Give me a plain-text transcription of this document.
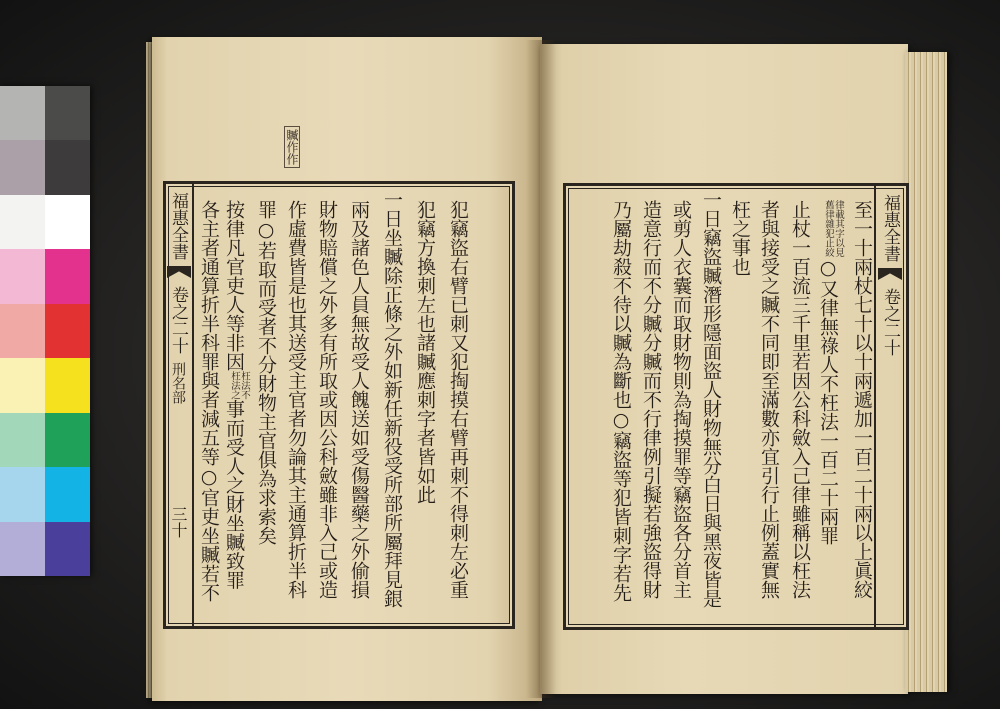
贓作作
福惠全書
卷之二十
刑名部
三十	犯竊盜右臂已刺又犯掏摸右臂再刺不得刺左必重
犯竊方換刺左也諸贓應刺字者皆如此
一日坐贓除正條之外如新任新役受所部所屬拜見銀
兩及諸色人員無故受人餽送如受傷醫藥之外偷損
財物賠償之外多有所取或因公科斂雖非入己或造
作虛費皆是也其送受主官者勿論其主通算折半科
罪○若取而受者不分財物主官俱為求索矣
按律凡官吏人等非因
枉法不
枉法之
事而受人之財坐贓致罪
各主者通算折半科罪與者減五等○官吏坐贓若不	福惠全書
卷之二十
至一十兩杖七十以十兩遞加一百二十兩以上眞絞
律載其字以見
舊律雜犯止絞
○又律無祿人不枉法一百二十兩罪
止杖一百流三千里若因公科斂入己律雖稱以枉法
者與接受之贓不同即至滿數亦宜引行止例蓋實無
枉之事也
一日竊盜贓潛形隱面盜人財物無分白日與黑夜皆是
或剪人衣囊而取財物則為掏摸罪等竊盜各分首主
造意行而不分贓分贓而不行律例引擬若強盜得財
乃屬劫殺不待以贓為斷也○竊盜等犯皆刺字若先
